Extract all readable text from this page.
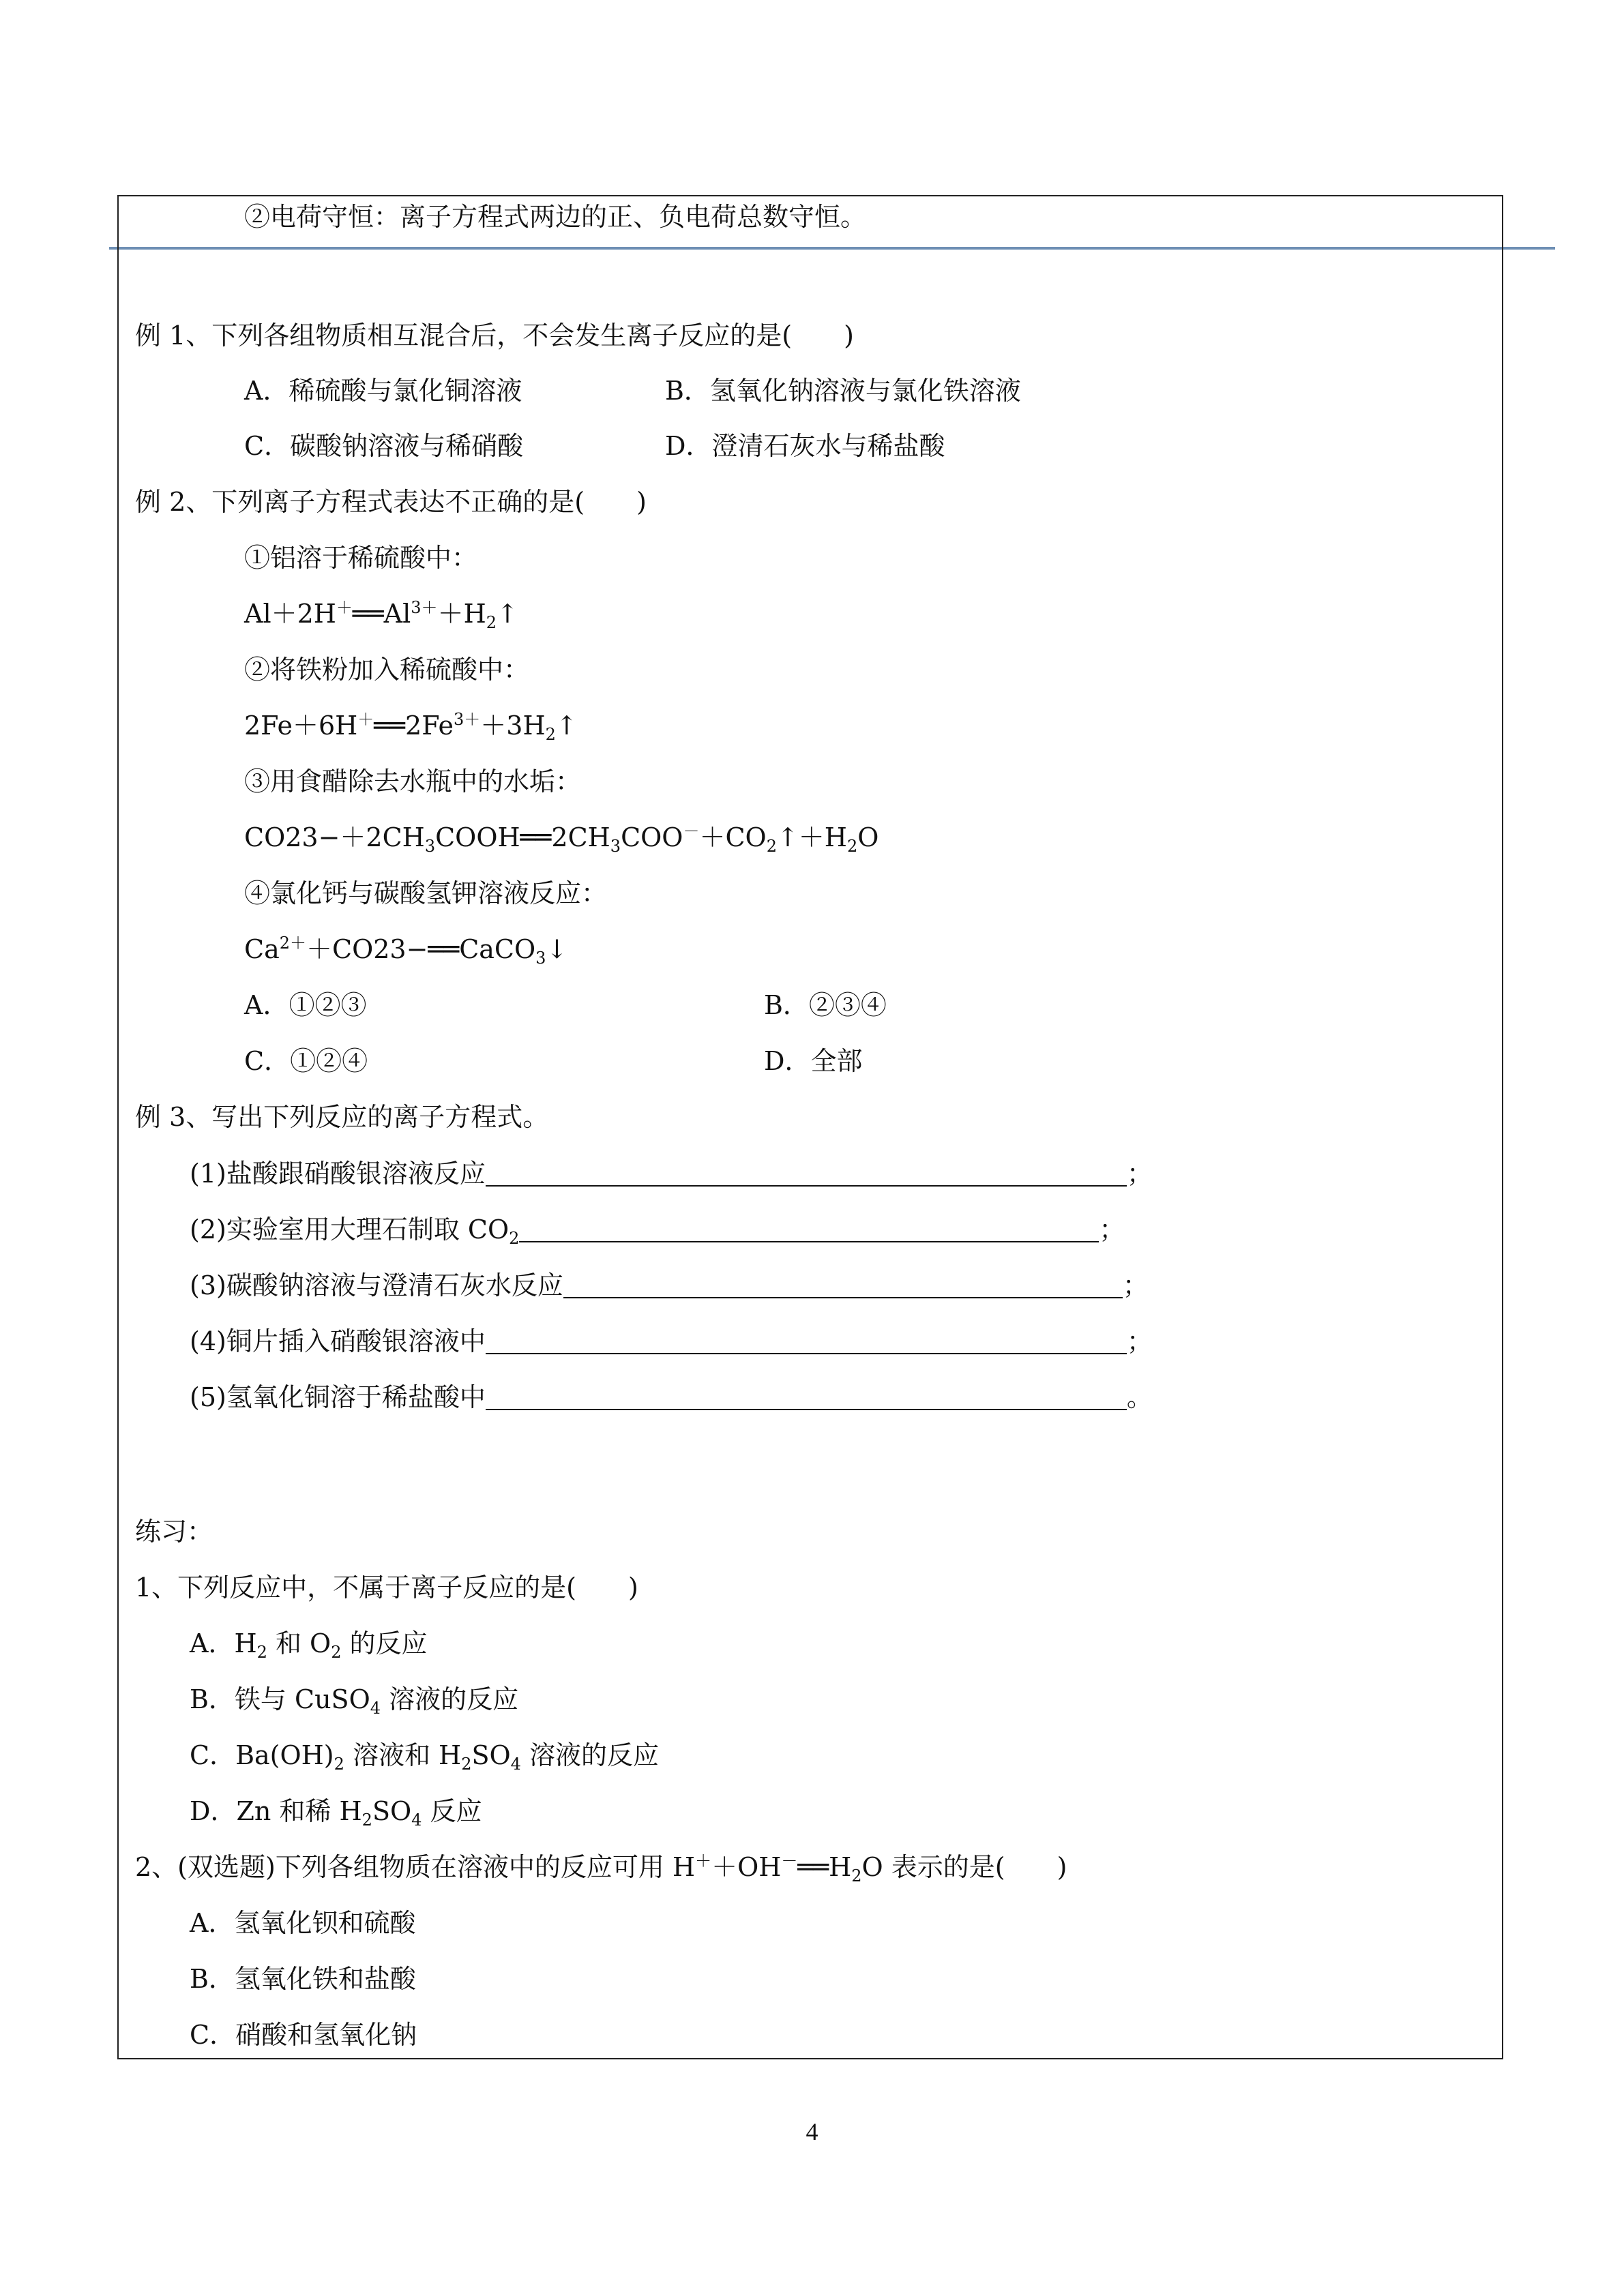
②电荷守恒：离子方程式两边的正、负电荷总数守恒。
例 1、下列各组物质相互混合后，不会发生离子反应的是(　　)
A．稀硫酸与氯化铜溶液	B．氢氧化钠溶液与氯化铁溶液
C．碳酸钠溶液与稀硝酸	D．澄清石灰水与稀盐酸
例 2、下列离子方程式表达不正确的是(　　)
①铝溶于稀硫酸中：
$Al+2H^+══Al^{3+}+H_2↑$
②将铁粉加入稀硫酸中：
$2Fe+6H^+══2Fe^{3+}+3H_2↑$
③用食醋除去水瓶中的水垢：
$CO23-+2CH_3COOH══2CH_3COO^-+CO_2↑+H_2O$
④氯化钙与碳酸氢钾溶液反应：
$Ca^{2+}+CO23-══CaCO_3↓$
A．①②③	B．②③④
C．①②④	D．全部
例 3、写出下列反应的离子方程式。
(1)盐酸跟硝酸银溶液反应	；
(2)实验室用大理石制取 $CO_2$	；
(3)碳酸钠溶液与澄清石灰水反应	；
(4)铜片插入硝酸银溶液中	；
(5)氢氧化铜溶于稀盐酸中	。
练习：
1、下列反应中，不属于离子反应的是(　　)
A．$H_2$ 和 $O_2$ 的反应
B．铁与 CuSO$_4$ 溶液的反应
C．$Ba(OH)_2$ 溶液和 $H_2SO_4$ 溶液的反应
D．Zn 和稀 $H_2SO_4$ 反应
2、(双选题)下列各组物质在溶液中的反应可用 $H^++OH^-══H_2O$ 表示的是(　　)
A．氢氧化钡和硫酸
B．氢氧化铁和盐酸
C．硝酸和氢氧化钠
4
